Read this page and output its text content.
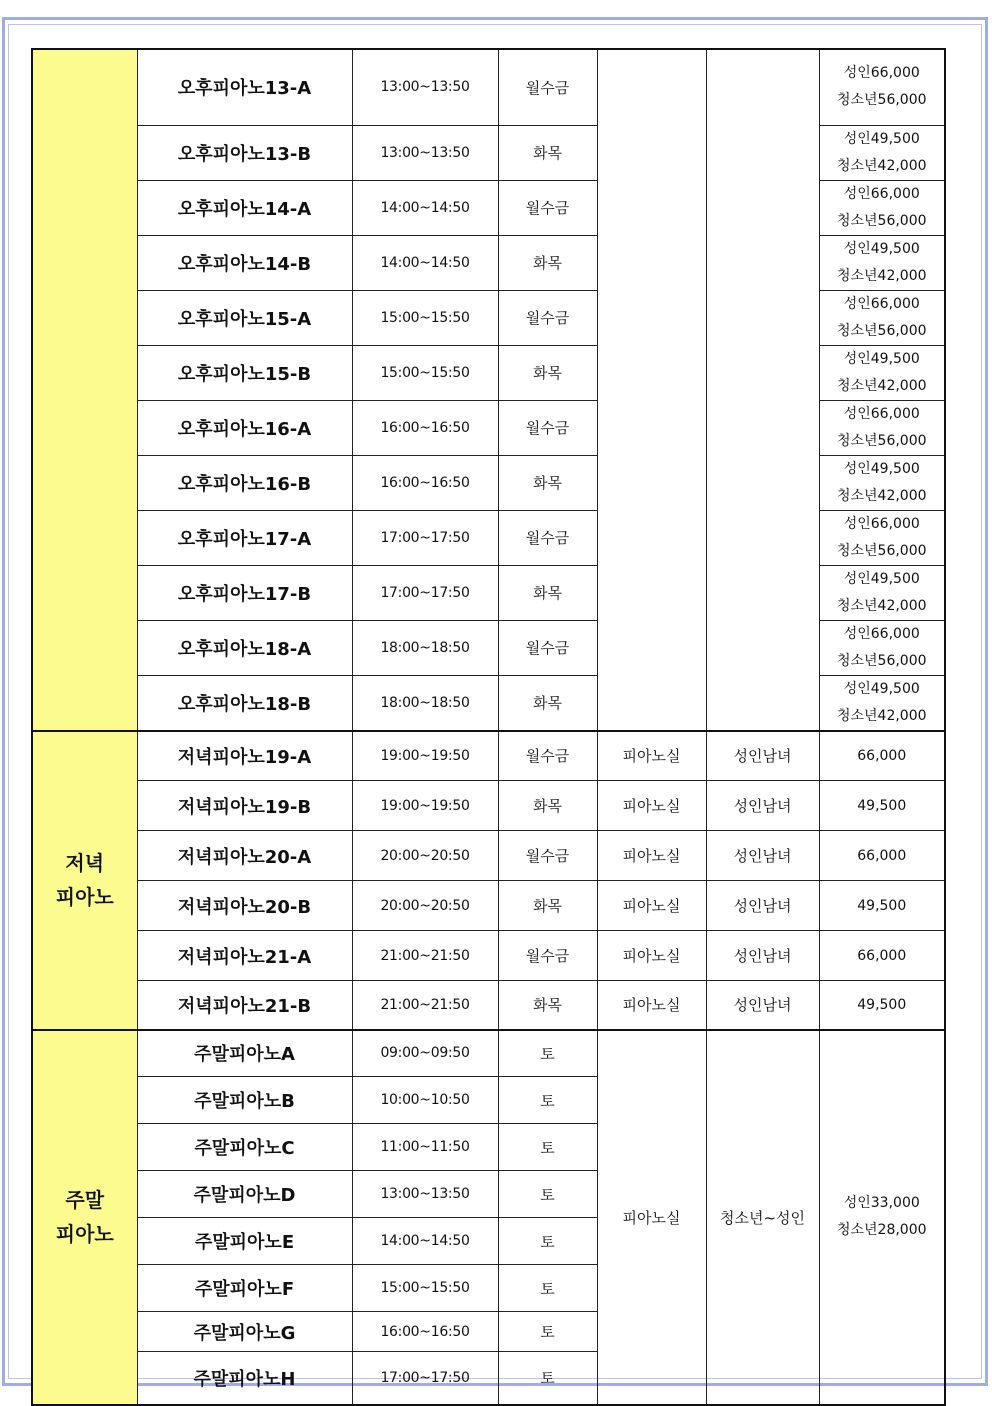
	오후피아노13-A	13:00~13:50	월수금			성인66,000
청소년56,000

	오후피아노13-B	13:00~13:50	화목			성인49,500
청소년42,000

	오후피아노14-A	14:00~14:50	월수금			성인66,000
청소년56,000

	오후피아노14-B	14:00~14:50	화목			성인49,500
청소년42,000

	오후피아노15-A	15:00~15:50	월수금			성인66,000
청소년56,000

	오후피아노15-B	15:00~15:50	화목			성인49,500
청소년42,000

	오후피아노16-A	16:00~16:50	월수금			성인66,000
청소년56,000

	오후피아노16-B	16:00~16:50	화목			성인49,500
청소년42,000

	오후피아노17-A	17:00~17:50	월수금			성인66,000
청소년56,000

	오후피아노17-B	17:00~17:50	화목			성인49,500
청소년42,000

	오후피아노18-A	18:00~18:50	월수금			성인66,000
청소년56,000

	오후피아노18-B	18:00~18:50	화목			성인49,500
청소년42,000

저녁
피아노	저녁피아노19-A	19:00~19:50	월수금	피아노실	성인남녀	66,000
	저녁피아노19-B	19:00~19:50	화목	피아노실	성인남녀	49,500
	저녁피아노20-A	20:00~20:50	월수금	피아노실	성인남녀	66,000
	저녁피아노20-B	20:00~20:50	화목	피아노실	성인남녀	49,500
	저녁피아노21-A	21:00~21:50	월수금	피아노실	성인남녀	66,000
	저녁피아노21-B	21:00~21:50	화목	피아노실	성인남녀	49,500

주말
피아노	주말피아노A	09:00~09:50	토	피아노실	청소년~성인	성인33,000
청소년28,000

	주말피아노B	10:00~10:50	토			
	주말피아노C	11:00~11:50	토			
	주말피아노D	13:00~13:50	토			
	주말피아노E	14:00~14:50	토			
	주말피아노F	15:00~15:50	토			
	주말피아노G	16:00~16:50	토			
	주말피아노H	17:00~17:50	토			
